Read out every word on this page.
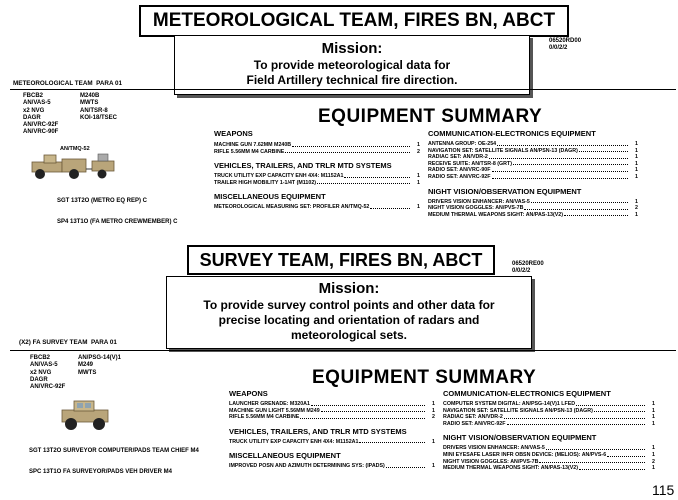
METEOROLOGICAL TEAM, FIRES BN, ABCT
Mission:
To provide meteorological data for
Field Artillery technical fire direction.
06520RD00
0/0/2/2
METEOROLOGICAL TEAM  PARA 01
FBCB2
AN/VAS-5
x2 NVG
DAGR
AN/VRC-92F
AN/VRC-90F
M240B
MWTS
AN/TSR-8
KOI-18/TSEC
AN/TMQ-52

SGT 13T2O (METRO EQ REP) C

SP4 13T1O (FA METRO CREWMEMBER) C

EQUIPMENT SUMMARY
WEAPONS
MACHINE GUN 7.62MM M240B	1
RIFLE 5.56MM M4 CARBINE	2
VEHICLES, TRAILERS, AND TRLR MTD SYSTEMS
TRUCK UTILITY EXP CAPACITY ENH 4X4: M1152A1	1
TRAILER HIGH MOBILITY 1-1/4T (M1102)	1
MISCELLANEOUS EQUIPMENT
METEOROLOGICAL MEASURING SET: PROFILER AN/TMQ-52	1
COMMUNICATION-ELECTRONICS EQUIPMENT
ANTENNA GROUP: OE-254	1
NAVIGATION SET: SATELLITE SIGNALS AN/PSN-13 (DAGR)	1
RADIAC SET: AN/VDR-2	1
RECEIVE SUITE: AN/TSR-8 (GRT)	1
RADIO SET: AN/VRC-90F	1
RADIO SET: AN/VRC-92F	1
NIGHT VISION/OBSERVATION EQUIPMENT
DRIVERS VISION ENHANCER: AN/VAS-5	1
NIGHT VISION GOGGLES: AN/PVS-7B	2
MEDIUM THERMAL WEAPONS SIGHT: AN/PAS-13(V2)	1
SURVEY TEAM, FIRES BN, ABCT	06520RE00
0/0/2/2
Mission:
To provide survey control points and other data for
precise locating and orientation of radars and
meteorological sets.
(X2) FA SURVEY TEAM  PARA 01
FBCB2
AN/VAS-5
x2 NVG
DAGR
AN/VRC-92F
AN/PSG-14(V)1
M249
MWTS

SGT 13T2O SURVEYOR COMPUTER/PADS TEAM CHIEF M4

SPC 13T1O FA SURVEYOR/PADS VEH DRIVER M4

EQUIPMENT SUMMARY
WEAPONS
LAUNCHER GRENADE: M320A1	1
MACHINE GUN LIGHT 5.56MM M249	1
RIFLE 5.56MM M4 CARBINE	2
VEHICLES, TRAILERS, AND TRLR MTD SYSTEMS
TRUCK UTILITY EXP CAPACITY ENH 4X4: M1152A1	1
MISCELLANEOUS EQUIPMENT
IMPROVED POSN AND AZIMUTH DETERMINING SYS: (IPADS)	1
COMMUNICATION-ELECTRONICS EQUIPMENT
COMPUTER SYSTEM DIGITAL: AN/PSG-14(V)1 LFED	1
NAVIGATION SET: SATELLITE SIGNALS AN/PSN-13 (DAGR)	1
RADIAC SET: AN/VDR-2	1
RADIO SET: AN/VRC-92F	1
NIGHT VISION/OBSERVATION EQUIPMENT
DRIVERS VISION ENHANCER: AN/VAS-5	1
MINI EYESAFE LASER INFR OBSN DEVICE: (MELIOS): AN/PVS-6	1
NIGHT VISION GOGGLES: AN/PVS-7B	2
MEDIUM THERMAL WEAPONS SIGHT: AN/PAS-13(V2)	1
115
